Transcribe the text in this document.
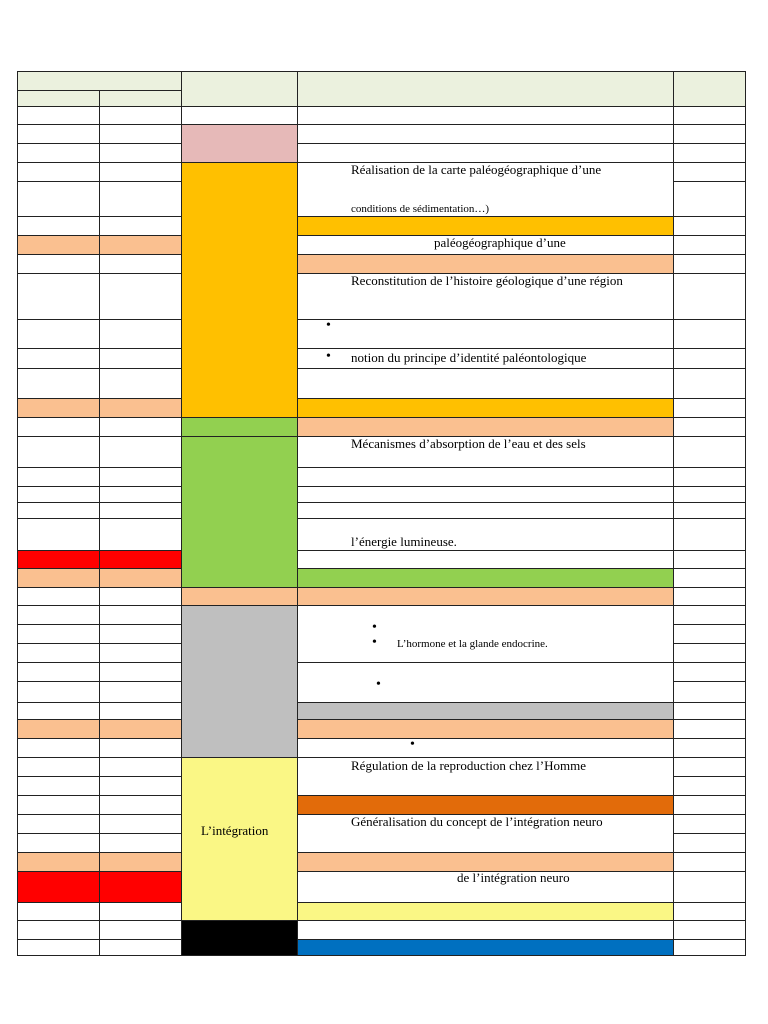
Réalisation de la carte paléogéographique d’une
conditions de sédimentation…)
paléogéographique d’une
Reconstitution de l’histoire géologique d’une région
•
• notion du principe d’identité paléontologique
Mécanismes d’absorption de l’eau et des sels
l’énergie lumineuse.
•
• L’hormone et la glande endocrine.
•
•
Régulation de la reproduction chez l’Homme
L’intégration
Généralisation du concept de l’intégration neuro
de l’intégration neuro
